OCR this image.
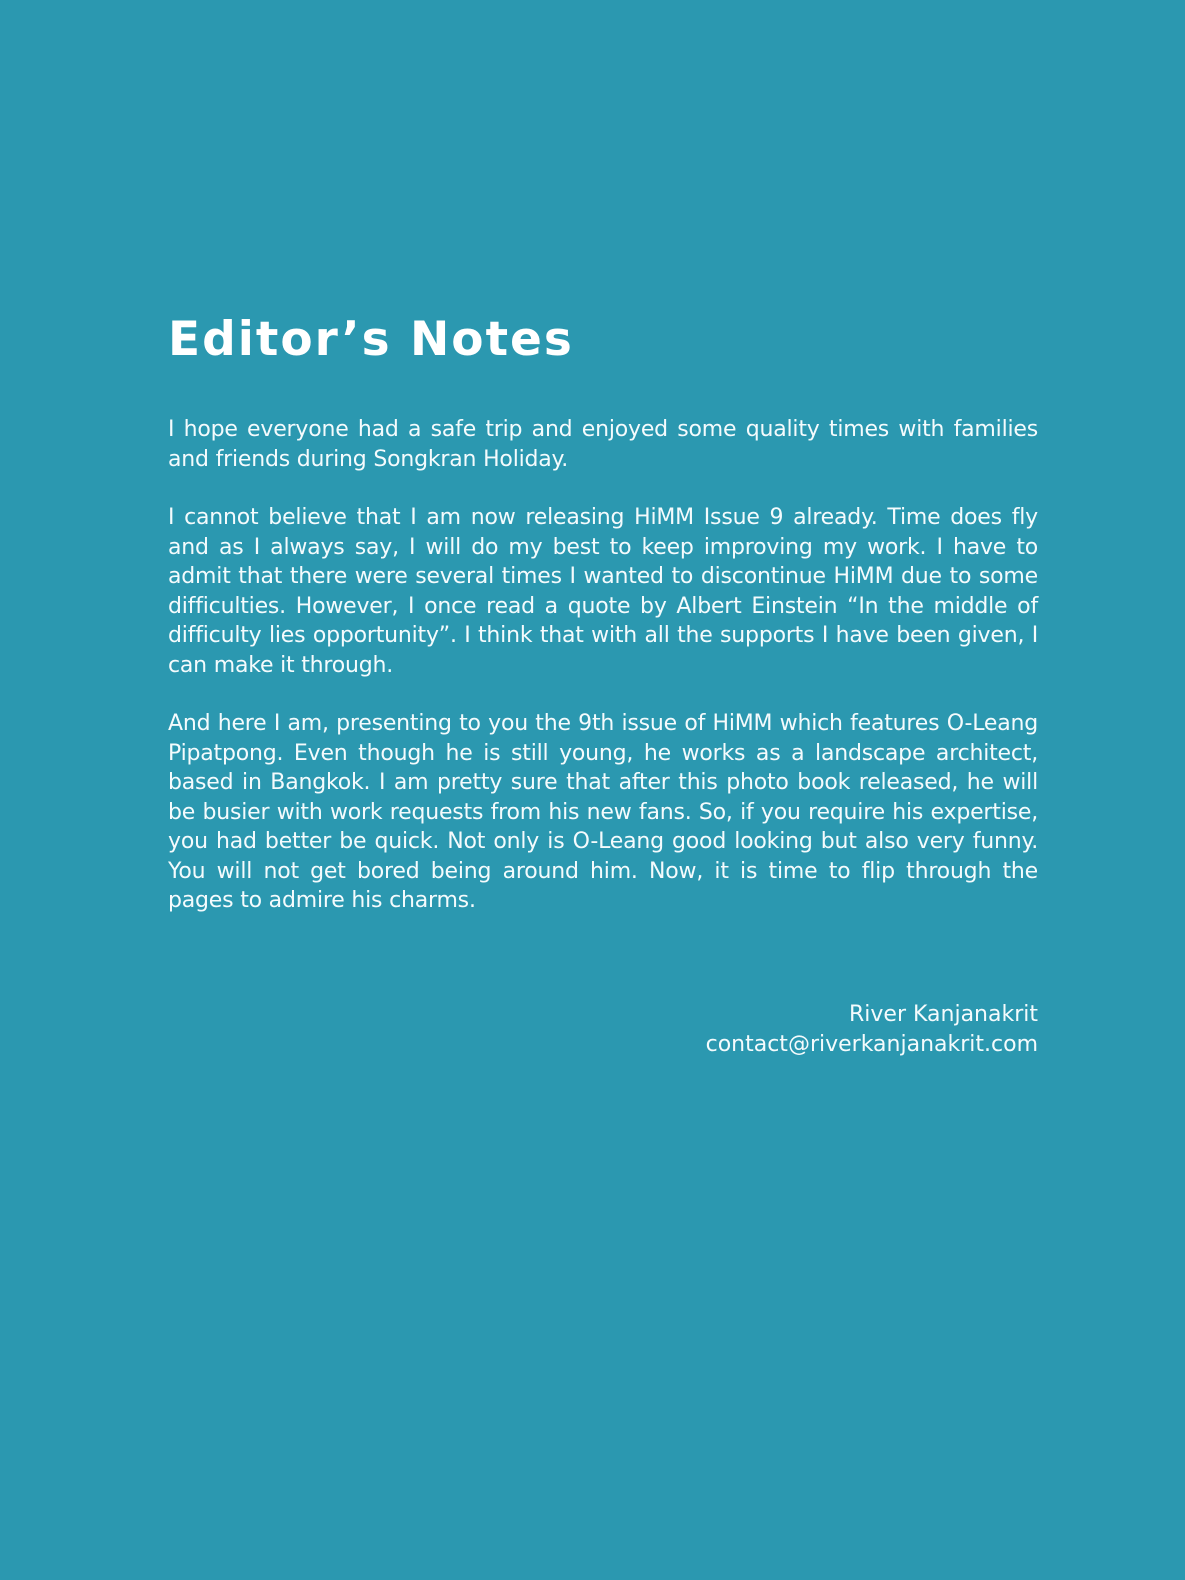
Editor’s Notes

I hope everyone had a safe trip and enjoyed some quality times with families and friends during Songkran Holiday.

I cannot believe that I am now releasing HiMM Issue 9 already. Time does fly and as I always say, I will do my best to keep improving my work. I have to admit that there were several times I wanted to discontinue HiMM due to some difficulties. However, I once read a quote by Albert Einstein “In the middle of difficulty lies opportunity”. I think that with all the supports I have been given, I can make it through.

And here I am, presenting to you the 9th issue of HiMM which features O-Leang Pipatpong. Even though he is still young, he works as a landscape architect, based in Bangkok. I am pretty sure that after this photo book released, he will be busier with work requests from his new fans. So, if you require his expertise, you had better be quick. Not only is O-Leang good looking but also very funny. You will not get bored being around him. Now, it is time to flip through the pages to admire his charms.

River Kanjanakrit
contact@riverkanjanakrit.com
